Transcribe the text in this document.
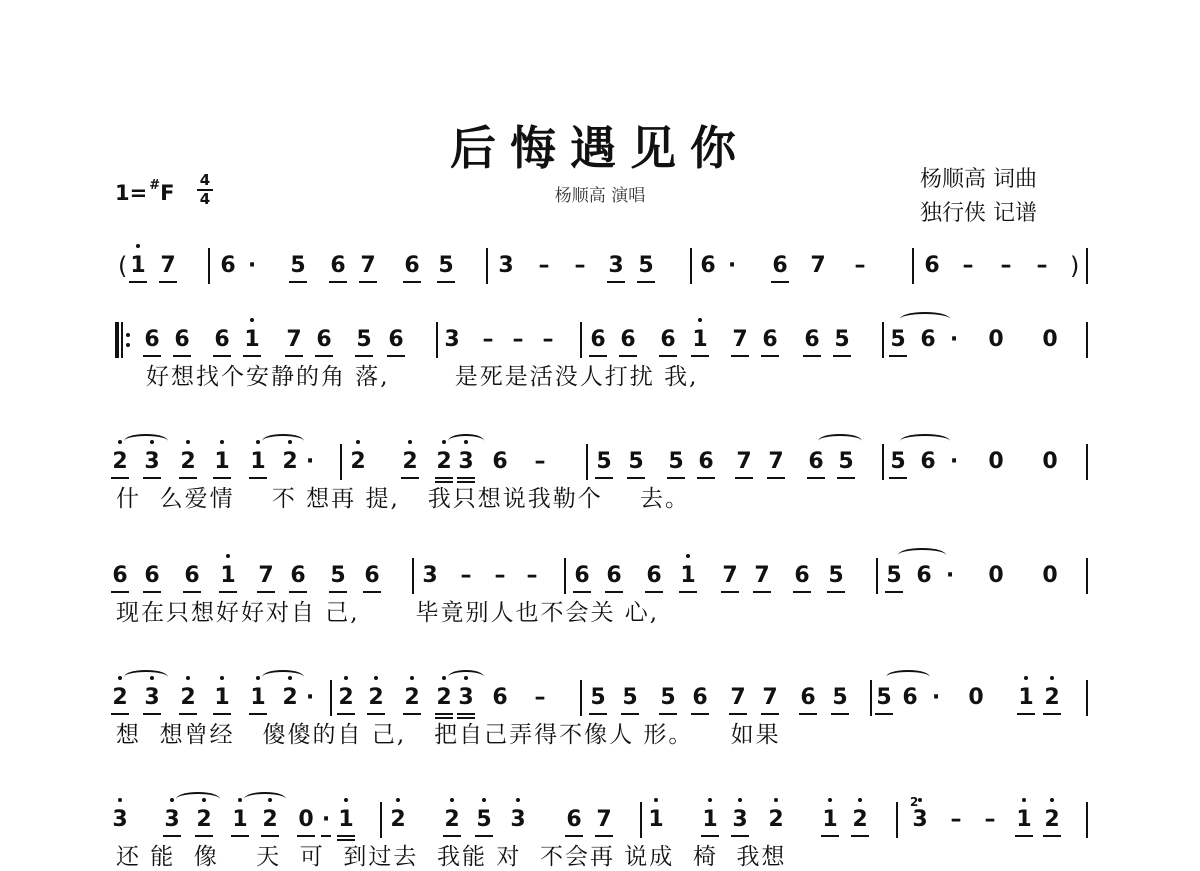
后悔遇见你
杨顺高 演唱
杨顺高 词曲
独行侠 记谱
1= #F
4
4
( 1 7 6 · 5 6 7 6 5 3 – – 3 5 6 · 6 7 –	6 – – – )
6 6 6 1 7 6 5 6 3 – – – 6 6 6 1 7 6 6 5 5 6 · 0 0
好想找个安静的角 落,       是死是活没人打扰 我,
2 3 2 1 1 2 · 2 2 2 3 6 – 5 5 5 6 7 7 6 5 5 6 · 0 0
什  么爱情    不 想再 提,   我只想说我勒个    去。
6 6 6 1 7 6 5 6 3 – – – 6 6 6 1 7 7 6 5 5 6 · 0 0
现在只想好好对自 己,      毕竟别人也不会关 心,
2 3 2 1 1 2 · 2 2 2 2 3 6 – 5 5 5 6 7 7 6 5 5 6 · 0 1 2
想  想曾经   傻傻的自 己,   把自己弄得不像人 形。    如果
3 3 2 1 2 0 · 1 2 2 5 3 6 7 1 1 3 2 1 2 3 – – 1 2
2
还 能  像    天  可  到过去  我能 对  不会再 说成  椅  我想
